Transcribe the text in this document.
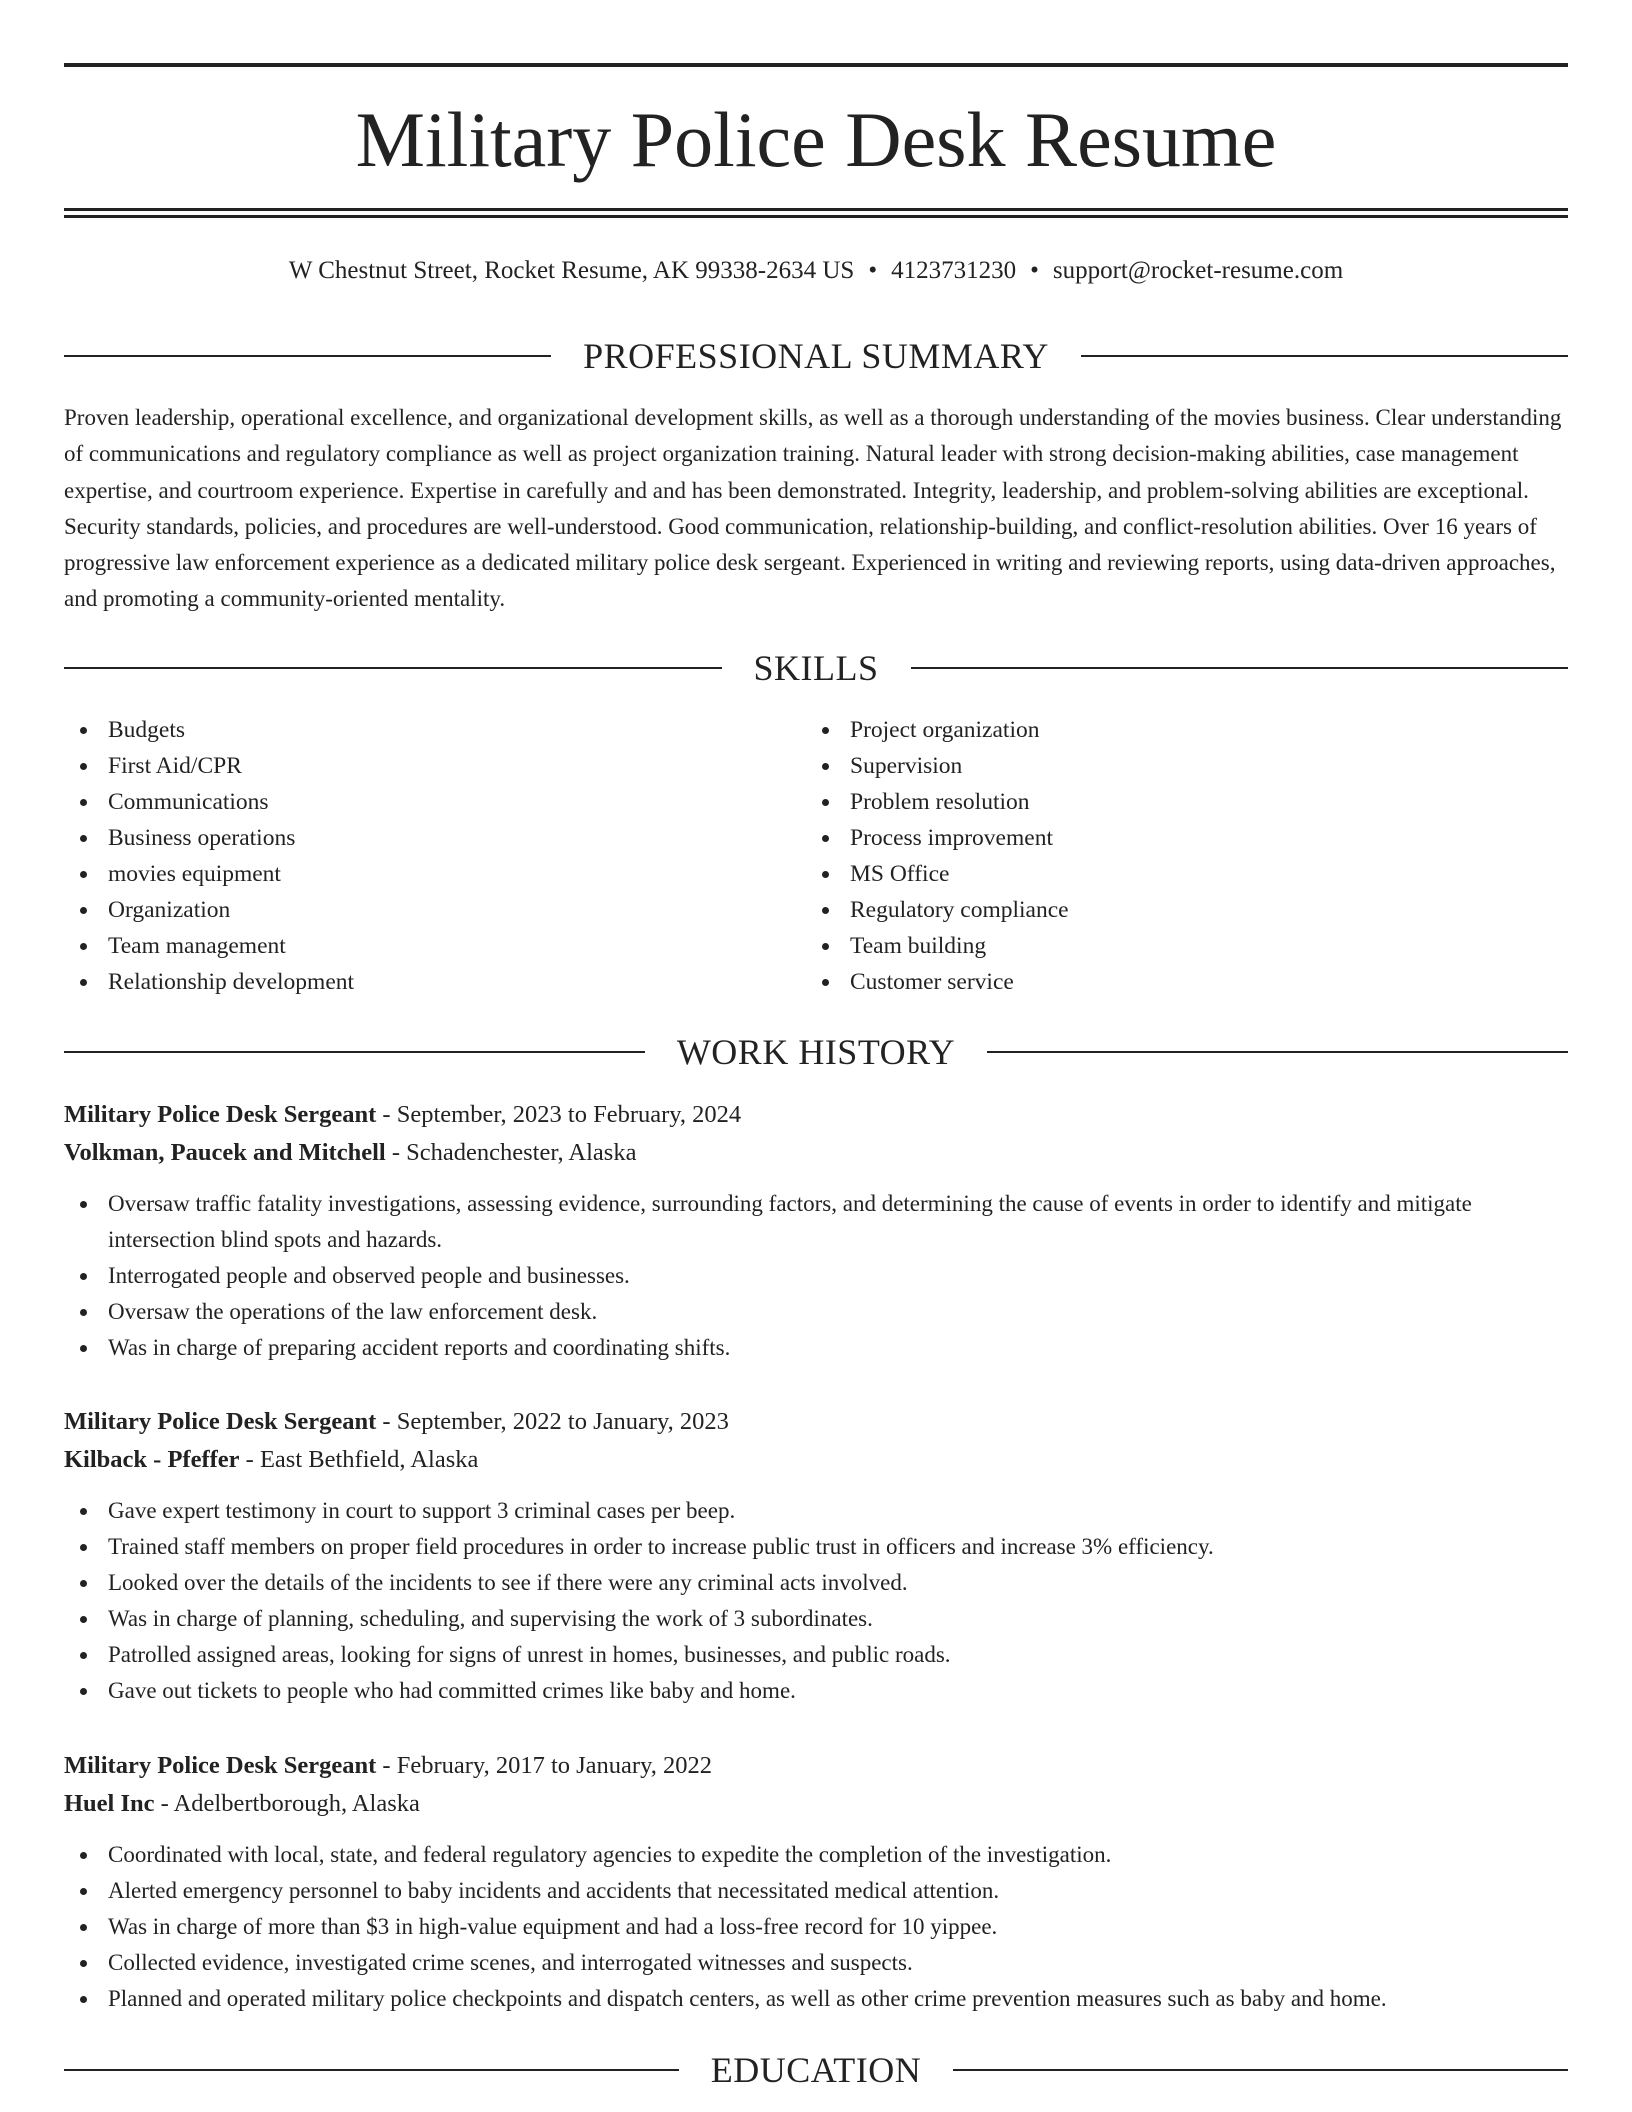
Military Police Desk Resume
W Chestnut Street, Rocket Resume, AK 99338-2634 US • 4123731230 • support@rocket-resume.com
PROFESSIONAL SUMMARY

Proven leadership, operational excellence, and organizational development skills, as well as a thorough understanding of the movies business. Clear understanding of communications and regulatory compliance as well as project organization training. Natural leader with strong decision-making abilities, case management expertise, and courtroom experience. Expertise in carefully and and has been demonstrated. Integrity, leadership, and problem-solving abilities are exceptional. Security standards, policies, and procedures are well-understood. Good communication, relationship-building, and conflict-resolution abilities. Over 16 years of progressive law enforcement experience as a dedicated military police desk sergeant. Experienced in writing and reviewing reports, using data-driven approaches, and promoting a community-oriented mentality.

SKILLS
Budgets
First Aid/CPR
Communications
Business operations
movies equipment
Organization
Team management
Relationship development
Project organization
Supervision
Problem resolution
Process improvement
MS Office
Regulatory compliance
Team building
Customer service
WORK HISTORY
Military Police Desk Sergeant - September, 2023 to February, 2024
Volkman, Paucek and Mitchell - Schadenchester, Alaska
Oversaw traffic fatality investigations, assessing evidence, surrounding factors, and determining the cause of events in order to identify and mitigate intersection blind spots and hazards.
Interrogated people and observed people and businesses.
Oversaw the operations of the law enforcement desk.
Was in charge of preparing accident reports and coordinating shifts.
Military Police Desk Sergeant - September, 2022 to January, 2023
Kilback - Pfeffer - East Bethfield, Alaska
Gave expert testimony in court to support 3 criminal cases per beep.
Trained staff members on proper field procedures in order to increase public trust in officers and increase 3% efficiency.
Looked over the details of the incidents to see if there were any criminal acts involved.
Was in charge of planning, scheduling, and supervising the work of 3 subordinates.
Patrolled assigned areas, looking for signs of unrest in homes, businesses, and public roads.
Gave out tickets to people who had committed crimes like baby and home.
Military Police Desk Sergeant - February, 2017 to January, 2022
Huel Inc - Adelbertborough, Alaska
Coordinated with local, state, and federal regulatory agencies to expedite the completion of the investigation.
Alerted emergency personnel to baby incidents and accidents that necessitated medical attention.
Was in charge of more than $3 in high-value equipment and had a loss-free record for 10 yippee.
Collected evidence, investigated crime scenes, and interrogated witnesses and suspects.
Planned and operated military police checkpoints and dispatch centers, as well as other crime prevention measures such as baby and home.
EDUCATION
